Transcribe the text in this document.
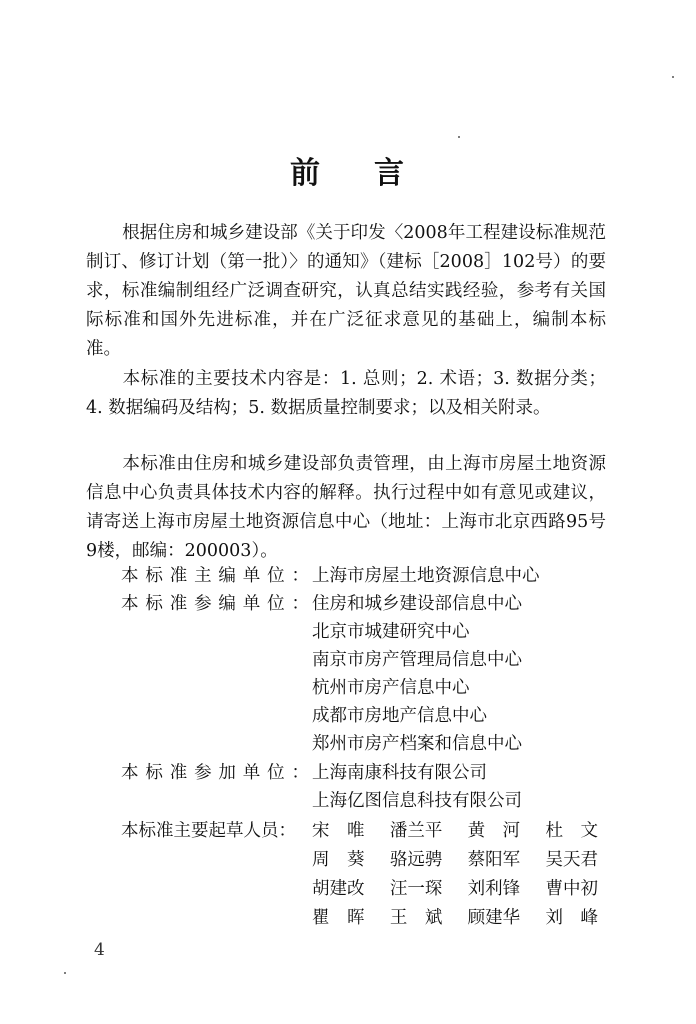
前 言

根据住房和城乡建设部《关于印发〈2008年工程建设标准规范制订、修订计划（第一批）〉的通知》（建标［2008］102号）的要求，标准编制组经广泛调查研究，认真总结实践经验，参考有关国际标准和国外先进标准，并在广泛征求意见的基础上，编制本标准。

本标准的主要技术内容是：1. 总则；2. 术语；3. 数据分类；4. 数据编码及结构；5. 数据质量控制要求；以及相关附录。

本标准由住房和城乡建设部负责管理，由上海市房屋土地资源信息中心负责具体技术内容的解释。执行过程中如有意见或建议，请寄送上海市房屋土地资源信息中心（地址：上海市北京西路95号9楼，邮编：200003）。

本标准主编单位： 上海市房屋土地资源信息中心
本标准参编单位： 住房和城乡建设部信息中心
北京市城建研究中心
南京市房产管理局信息中心
杭州市房产信息中心
成都市房地产信息中心
郑州市房产档案和信息中心
本标准参加单位： 上海南康科技有限公司
上海亿图信息科技有限公司
本标准主要起草人员： 宋　唯 潘兰平 黄　河 杜　文
周　葵 骆远骋 蔡阳军 吴天君
胡建改 汪一琛 刘利锋 曹中初
瞿　晖 王　斌 顾建华 刘　峰
4
